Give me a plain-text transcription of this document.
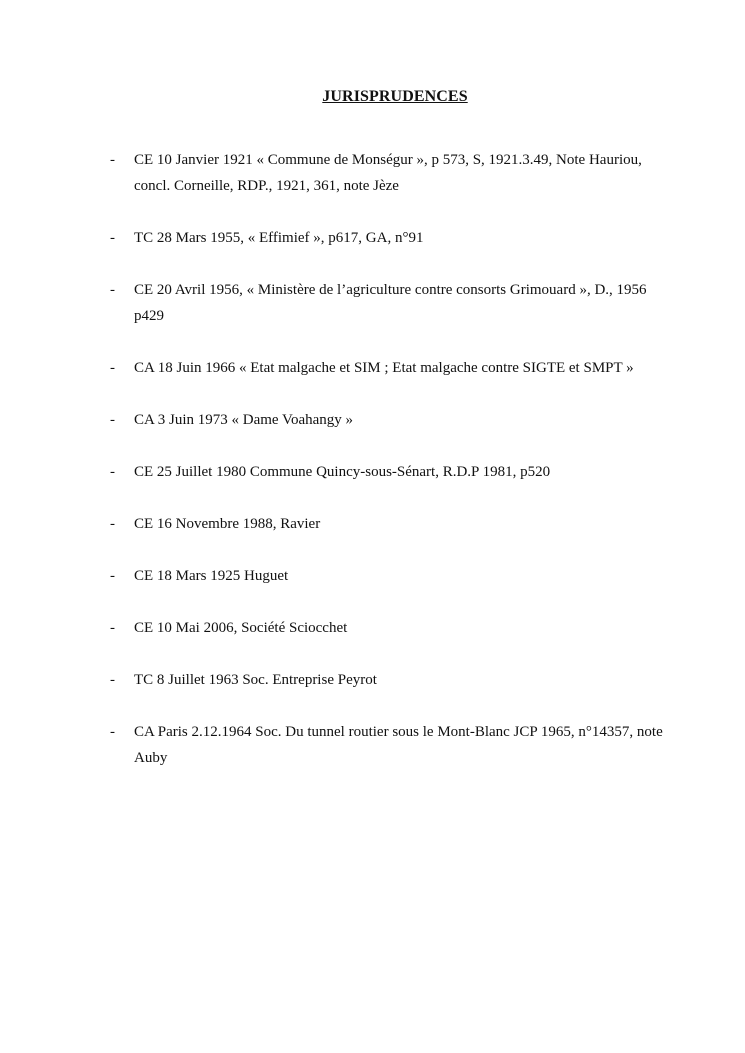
JURISPRUDENCES
- CE 10 Janvier 1921 « Commune de Monségur », p 573, S, 1921.3.49, Note Hauriou, concl. Corneille, RDP., 1921, 361, note Jèze
- TC 28 Mars 1955, « Effimief », p617, GA, n°91
- CE 20 Avril 1956, « Ministère de l’agriculture contre consorts Grimouard », D., 1956 p429
- CA 18 Juin 1966 « Etat malgache et SIM ; Etat malgache contre SIGTE et SMPT »
- CA 3 Juin 1973 « Dame Voahangy »
- CE 25 Juillet 1980 Commune Quincy-sous-Sénart, R.D.P 1981, p520
- CE 16 Novembre 1988, Ravier
- CE 18 Mars 1925 Huguet
- CE 10 Mai 2006, Société Sciocchet
- TC 8 Juillet 1963 Soc. Entreprise Peyrot
- CA Paris 2.12.1964 Soc. Du tunnel routier sous le Mont-Blanc JCP 1965, n°14357, note Auby
